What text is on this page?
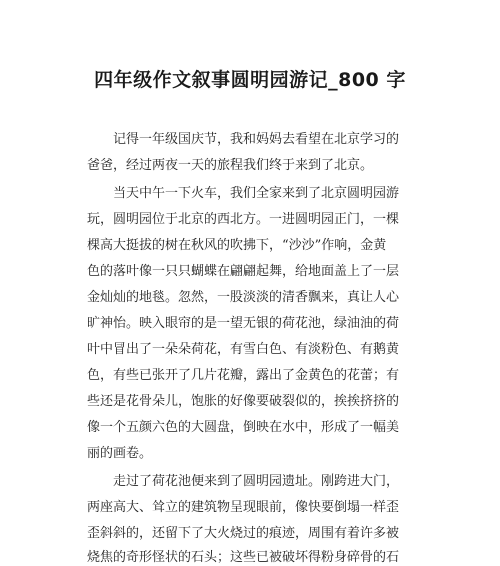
四年级作文叙事圆明园游记_800 字
记得一年级国庆节，我和妈妈去看望在北京学习的
爸爸，经过两夜一天的旅程我们终于来到了北京。
当天中午一下火车，我们全家来到了北京圆明园游
玩，圆明园位于北京的西北方。一进圆明园正门，一棵
棵高大挺拔的树在秋风的吹拂下，“沙沙”作响，金黄
色的落叶像一只只蝴蝶在翩翩起舞，给地面盖上了一层
金灿灿的地毯。忽然，一股淡淡的清香飘来，真让人心
旷神怡。映入眼帘的是一望无银的荷花池，绿油油的荷
叶中冒出了一朵朵荷花，有雪白色、有淡粉色、有鹅黄
色，有些已张开了几片花瓣，露出了金黄色的花蕾；有
些还是花骨朵儿，饱胀的好像要破裂似的，挨挨挤挤的
像一个五颜六色的大圆盘，倒映在水中，形成了一幅美
丽的画卷。
走过了荷花池便来到了圆明园遗址。刚跨进大门，
两座高大、耸立的建筑物呈现眼前，像快要倒塌一样歪
歪斜斜的，还留下了大火烧过的痕迹，周围有着许多被
烧焦的奇形怪状的石头；这些已被破坏得粉身碎骨的石
